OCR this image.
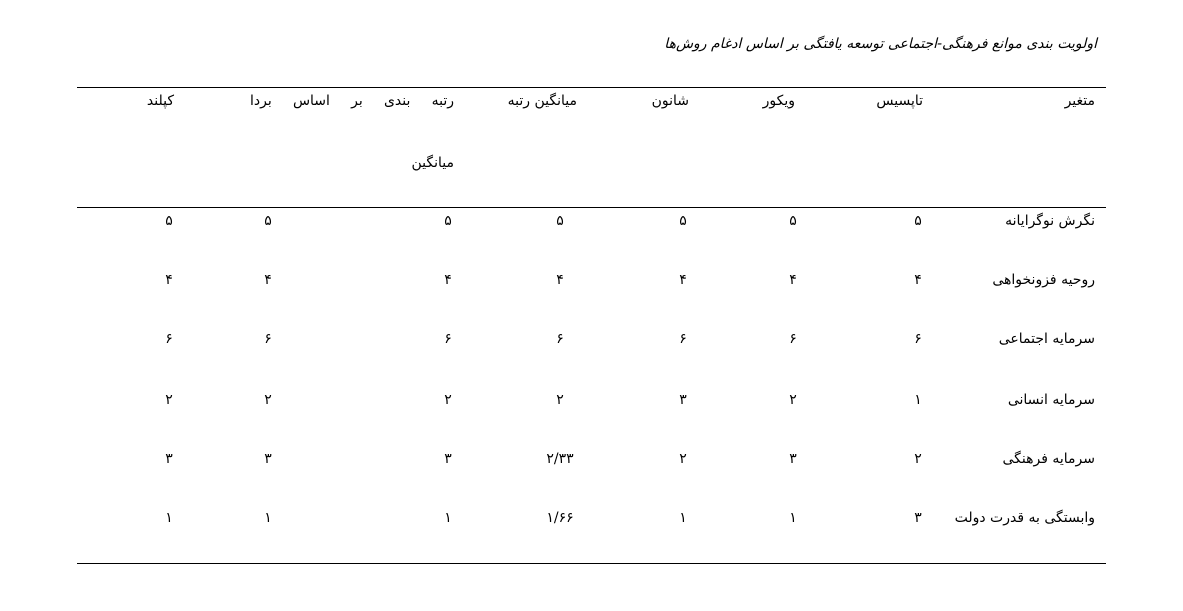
اولویت بندی موانع فرهنگی-اجتماعی توسعه یافتگی بر اساس ادغام روش‌ها
متغیر
تاپسیس
ویکور
شانون
میانگین رتبه
رتبه بندی بر اساس بردا
میانگین
کپلند
نگرش نوگرایانه
۵
۵
۵
۵
۵
۵
۵
روحیه فزونخواهی
۴
۴
۴
۴
۴
۴
۴
سرمایه اجتماعی
۶
۶
۶
۶
۶
۶
۶
سرمایه انسانی
۱
۲
۳
۲
۲
۲
۲
سرمایه فرهنگی
۲
۳
۲
۲/۳۳
۳
۳
۳
وابستگی به قدرت دولت
۳
۱
۱
۱/۶۶
۱
۱
۱
